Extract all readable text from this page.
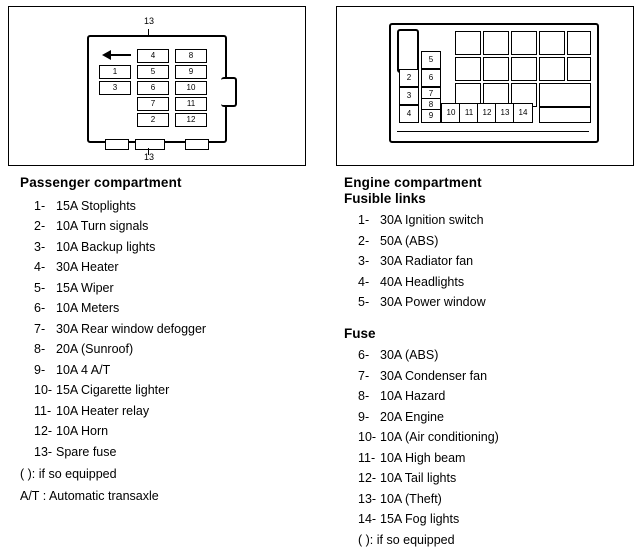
13
4	8
1	5	9
3	6	10
7	11
2	12
13
5
2	6
3	7
4
8
9	10	11	12	13	14
Passenger compartment
1- 15A Stoplights
2- 10A Turn signals
3- 10A Backup lights
4- 30A Heater
5- 15A Wiper
6- 10A Meters
7- 30A Rear window defogger
8- 20A (Sunroof)
9- 10A 4 A/T
10- 15A Cigarette lighter
11- 10A Heater relay
12- 10A Horn
13- Spare fuse
( ): if so equipped
A/T : Automatic transaxle
Engine compartment
Fusible links
1- 30A Ignition switch
2- 50A (ABS)
3- 30A Radiator fan
4- 40A Headlights
5- 30A Power window
Fuse
6- 30A (ABS)
7- 30A Condenser fan
8- 10A Hazard
9- 20A Engine
10- 10A (Air conditioning)
11- 10A High beam
12- 10A Tail lights
13- 10A (Theft)
14- 15A Fog lights
( ): if so equipped
